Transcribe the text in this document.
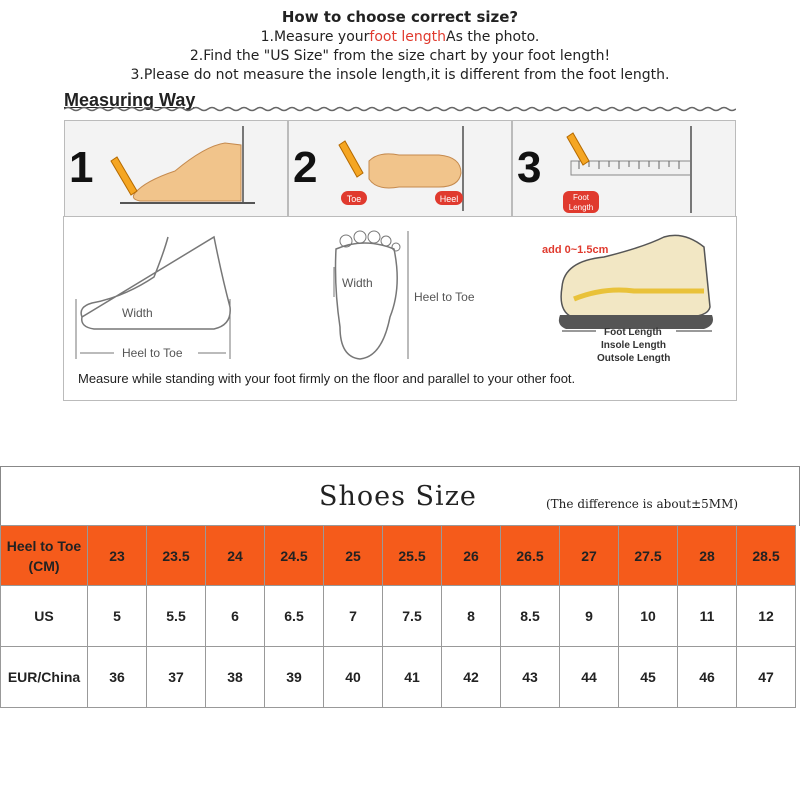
How to choose correct size?
1.Measure yourfoot lengthAs the photo.
2.Find the "US Size" from the size chart by your foot length!
3.Please do not measure the insole length,it is different from the foot length.
Measuring Way
1
Toe	Heel
2
Foot
Length
3
Width
Heel to Toe
Width
Heel to Toe
add 0~1.5cm
Foot Length
Insole Length
Outsole Length
Measure while standing with your foot firmly on the floor and parallel to your other foot.
Shoes Size	(The difference is about±5MM)
Heel to Toe (CM)	23	23.5	24	24.5	25	25.5	26	26.5	27	27.5	28	28.5
US	5	5.5	6	6.5	7	7.5	8	8.5	9	10	11	12
EUR/China	36	37	38	39	40	41	42	43	44	45	46	47
